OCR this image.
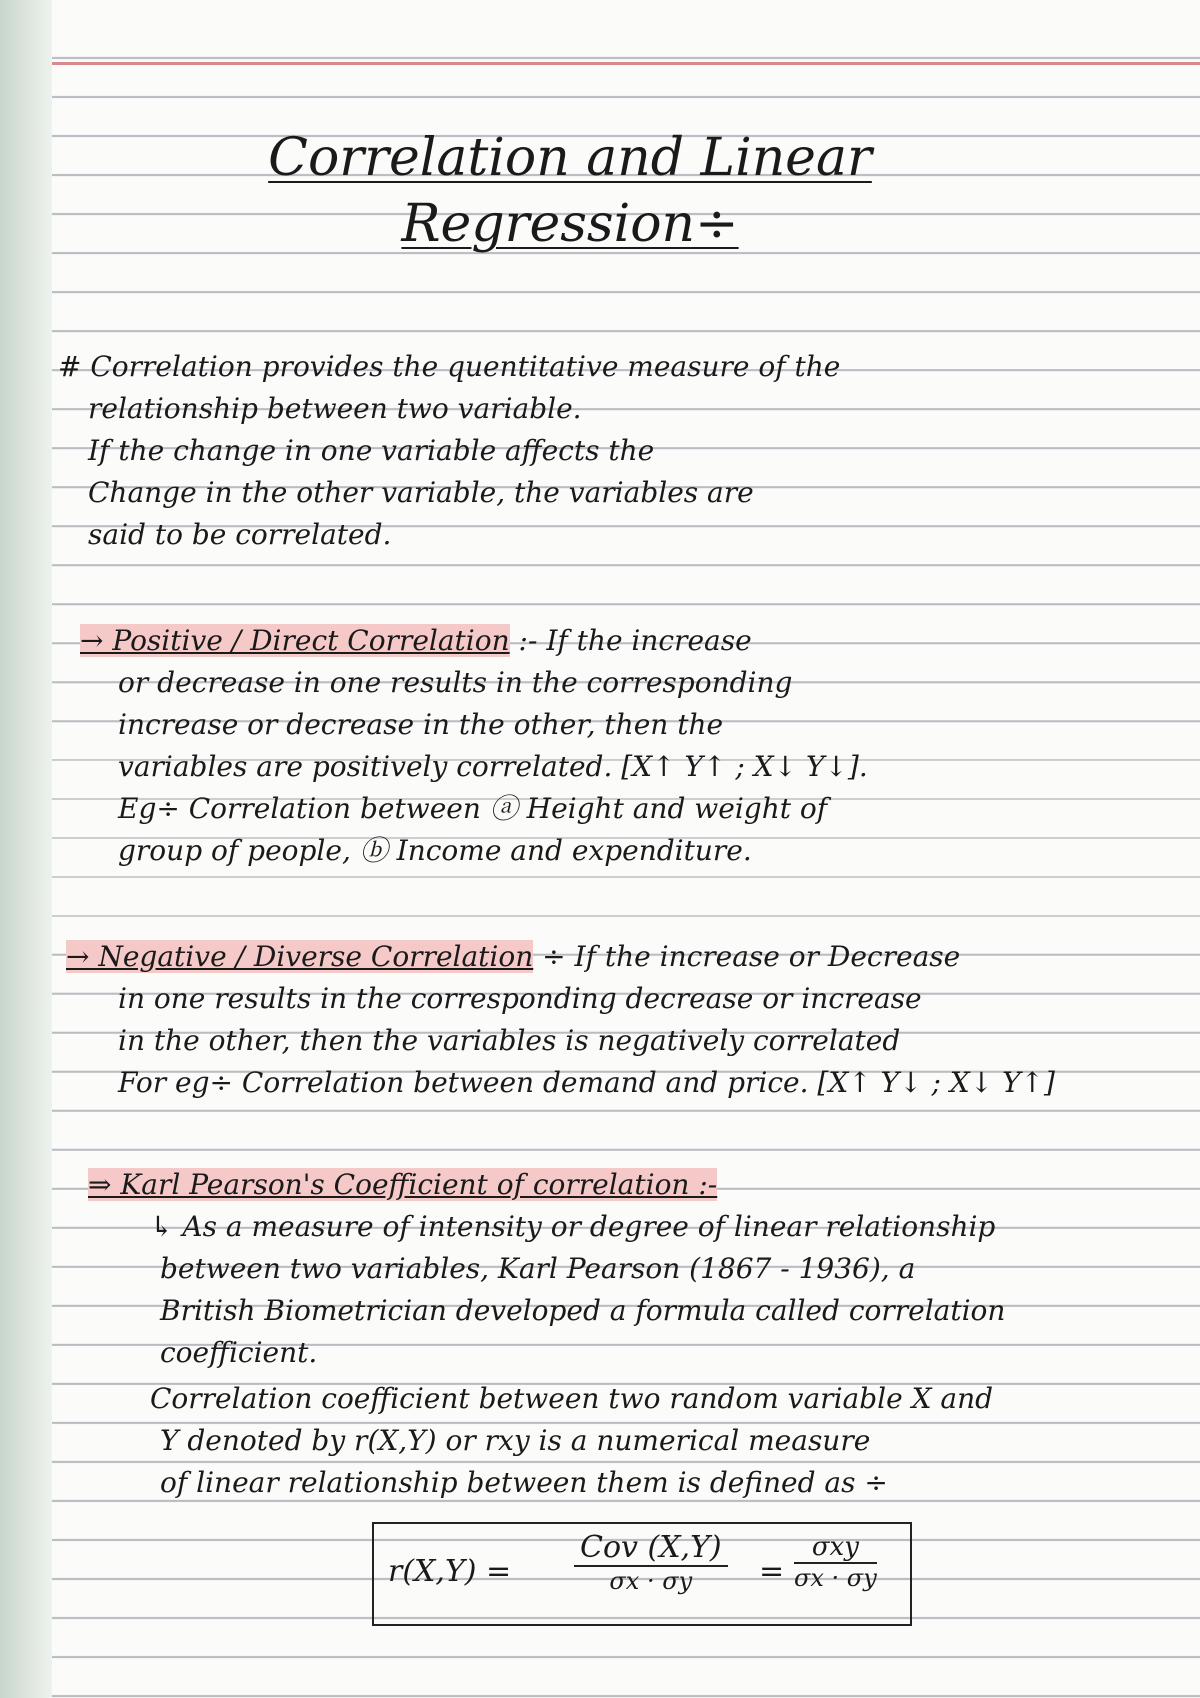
Correlation and Linear
Regression÷
# Correlation provides the quentitative measure of the
relationship between two variable.
If the change in one variable affects the
Change in the other variable, the variables are
said to be correlated.
→ Positive / Direct Correlation :- If the increase
or decrease in one results in the corresponding
increase or decrease in the other, then the
variables are positively correlated. [X↑ Y↑ ; X↓ Y↓].
Eg÷ Correlation between ⓐ Height and weight of
group of people, ⓑ Income and expenditure.
→ Negative / Diverse Correlation ÷ If the increase or Decrease
in one results in the corresponding decrease or increase
in the other, then the variables is negatively correlated
For eg÷ Correlation between demand and price. [X↑ Y↓ ; X↓ Y↑]
⇒ Karl Pearson's Coefficient of correlation :-
↳ As a measure of intensity or degree of linear relationship
between two variables, Karl Pearson (1867 - 1936), a
British Biometrician developed a formula called correlation
coefficient.
Correlation coefficient between two random variable X and
Y denoted by r(X,Y) or rxy is a numerical measure
of linear relationship between them is defined as ÷
r(X,Y) =
Cov (X,Y)
σx · σy	=
σxy
σx · σy
